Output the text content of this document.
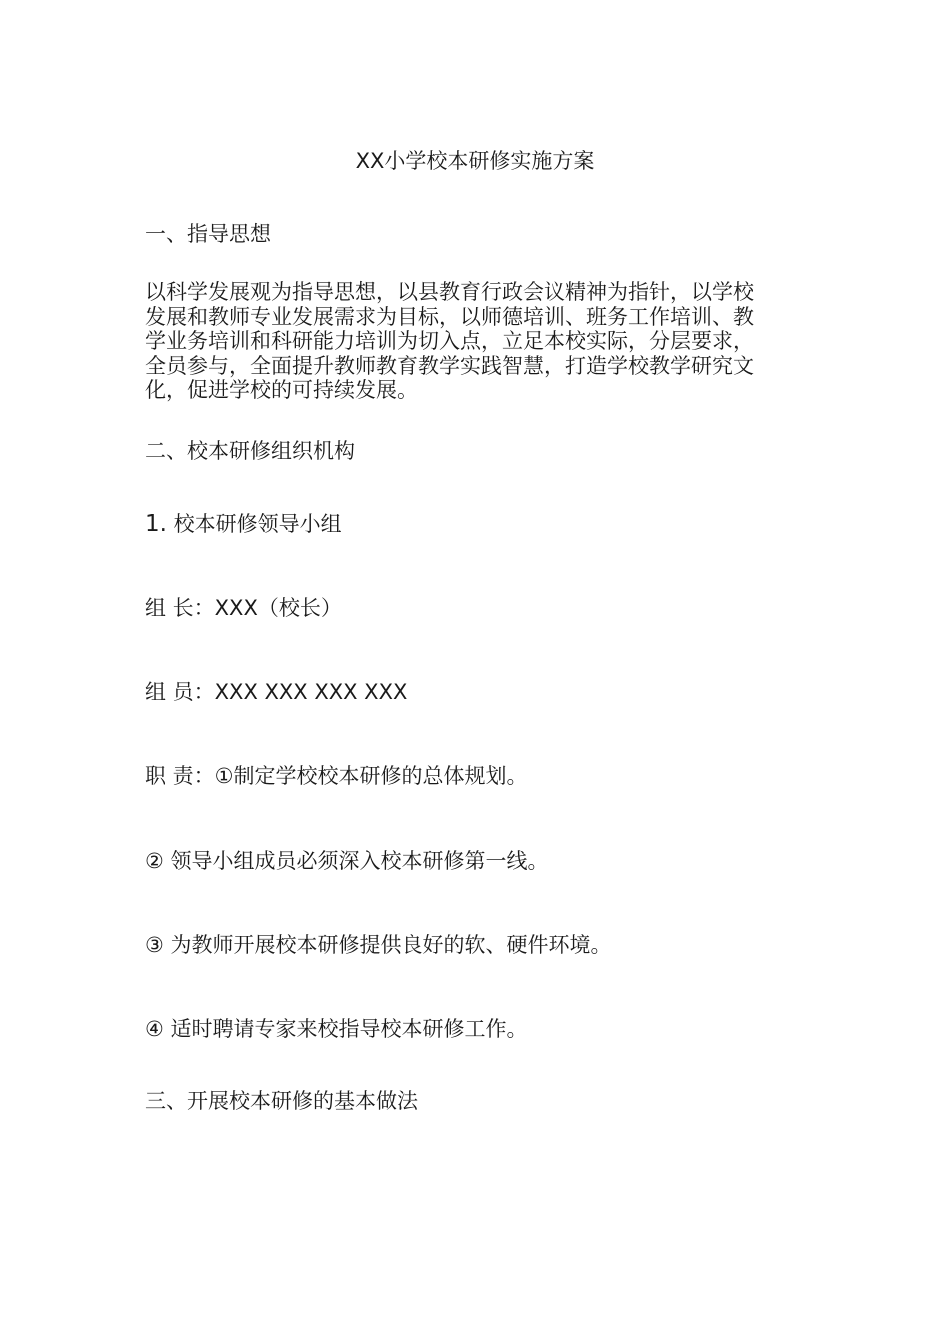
XX小学校本研修实施方案
一、指导思想
以科学发展观为指导思想，以县教育行政会议精神为指针，以学校
发展和教师专业发展需求为目标，以师德培训、班务工作培训、教
学业务培训和科研能力培训为切入点，立足本校实际，分层要求，
全员参与，全面提升教师教育教学实践智慧，打造学校教学研究文
化，促进学校的可持续发展。
二、校本研修组织机构
1. 校本研修领导小组
组 长：XXX（校长）
组 员：XXX XXX XXX XXX
职 责：①制定学校校本研修的总体规划。
② 领导小组成员必须深入校本研修第一线。
③ 为教师开展校本研修提供良好的软、硬件环境。
④ 适时聘请专家来校指导校本研修工作。
三、开展校本研修的基本做法
